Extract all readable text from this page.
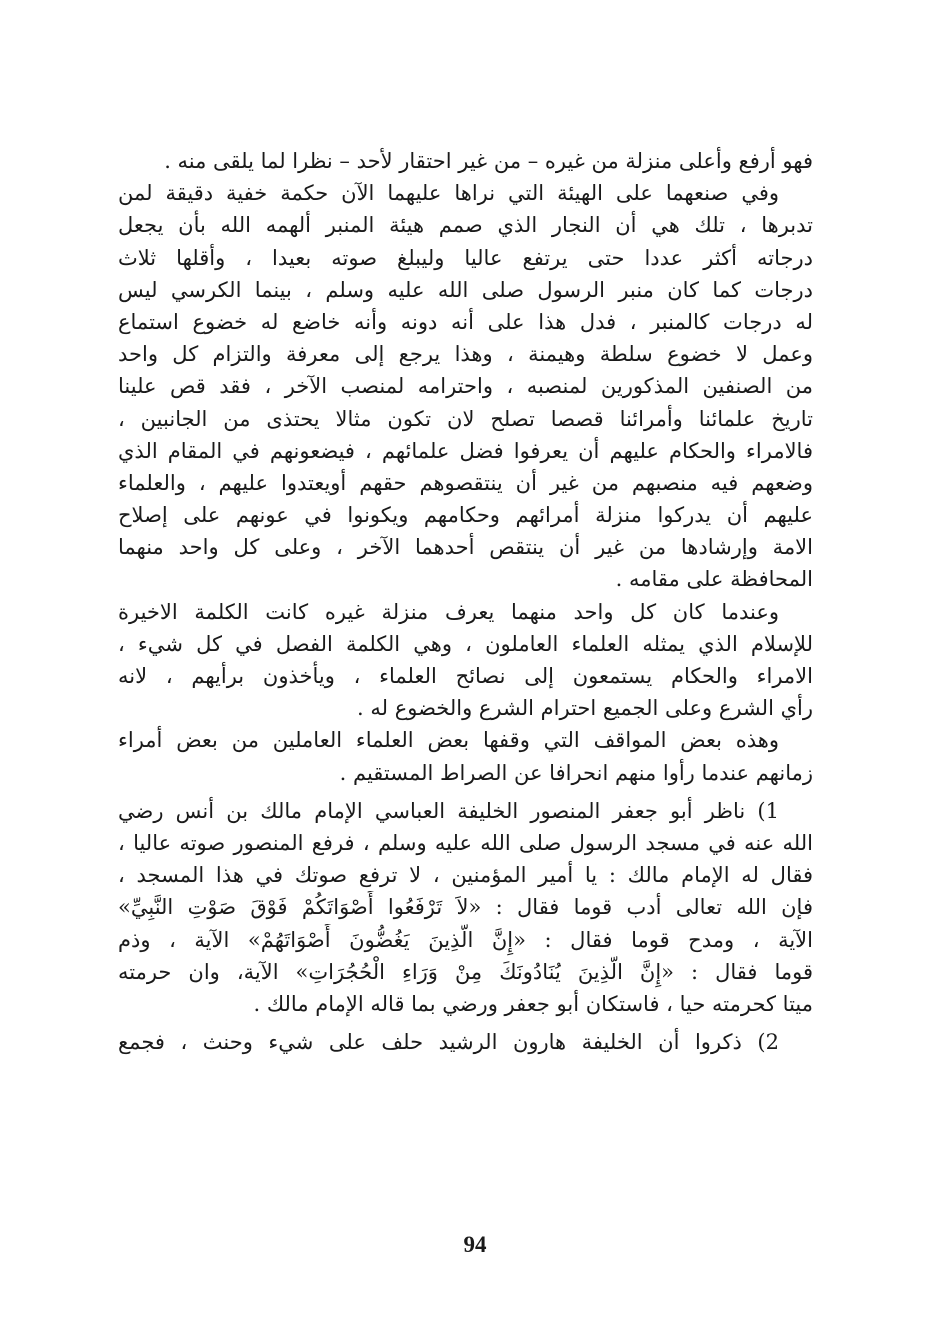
فهو أرفع وأعلى منزلة من غيره – من غير احتقار لأحد – نظرا لما يلقى منه .
وفي صنعهما على الهيئة التي نراها عليهما الآن حكمة خفية دقيقة لمن
تدبرها ، تلك هي أن النجار الذي صمم هيئة المنبر ألهمه الله بأن يجعل
درجاته أكثر عددا حتى يرتفع عاليا وليبلغ صوته بعيدا ، وأقلها ثلاث
درجات كما كان منبر الرسول صلى الله عليه وسلم ، بينما الكرسي ليس
له درجات كالمنبر ، فدل هذا على أنه دونه وأنه خاضع له خضوع استماع
وعمل لا خضوع سلطة وهيمنة ، وهذا يرجع إلى معرفة والتزام كل واحد
من الصنفين المذكورين لمنصبه ، واحترامه لمنصب الآخر ، فقد قص علينا
تاريخ علمائنا وأمرائنا قصصا تصلح لان تكون مثالا يحتذى من الجانبين ،
فالامراء والحكام عليهم أن يعرفوا فضل علمائهم ، فيضعونهم في المقام الذي
وضعهم فيه منصبهم من غير أن ينتقصوهم حقهم أويعتدوا عليهم ، والعلماء
عليهم أن يدركوا منزلة أمرائهم وحكامهم ويكونوا في عونهم على إصلاح
الامة وإرشادها من غير أن ينتقص أحدهما الآخر ، وعلى كل واحد منهما
المحافظة على مقامه .
وعندما كان كل واحد منهما يعرف منزلة غيره كانت الكلمة الاخيرة
للإسلام الذي يمثله العلماء العاملون ، وهي الكلمة الفصل في كل شيء ،
الامراء والحكام يستمعون إلى نصائح العلماء ، ويأخذون برأيهم ، لانه
رأي الشرع وعلى الجميع احترام الشرع والخضوع له .
وهذه بعض المواقف التي وقفها بعض العلماء العاملين من بعض أمراء
زمانهم عندما رأوا منهم انحرافا عن الصراط المستقيم .
1) ناظر أبو جعفر المنصور الخليفة العباسي الإمام مالك بن أنس رضي
الله عنه في مسجد الرسول صلى الله عليه وسلم ، فرفع المنصور صوته عاليا ،
فقال له الإمام مالك : يا أمير المؤمنين ، لا ترفع صوتك في هذا المسجد ،
فإن الله تعالى أدب قوما فقال : «لاَ تَرْفَعُوا أَصْوَاتَكُمْ فَوْقَ صَوْتِ النَّبِيِّ»
الآية ، ومدح قوما فقال : «إِنَّ الَّذِينَ يَغُضُّونَ أَصْوَاتَهُمْ» الآية ، وذم
قوما فقال : «إِنَّ الَّذِينَ يُنَادُونَكَ مِنْ وَرَاءِ الْحُجُرَاتِ» الآية، وان حرمته
ميتا كحرمته حيا ، فاستكان أبو جعفر ورضي بما قاله الإمام مالك .
2) ذكروا أن الخليفة هارون الرشيد حلف على شيء وحنث ، فجمع
94
